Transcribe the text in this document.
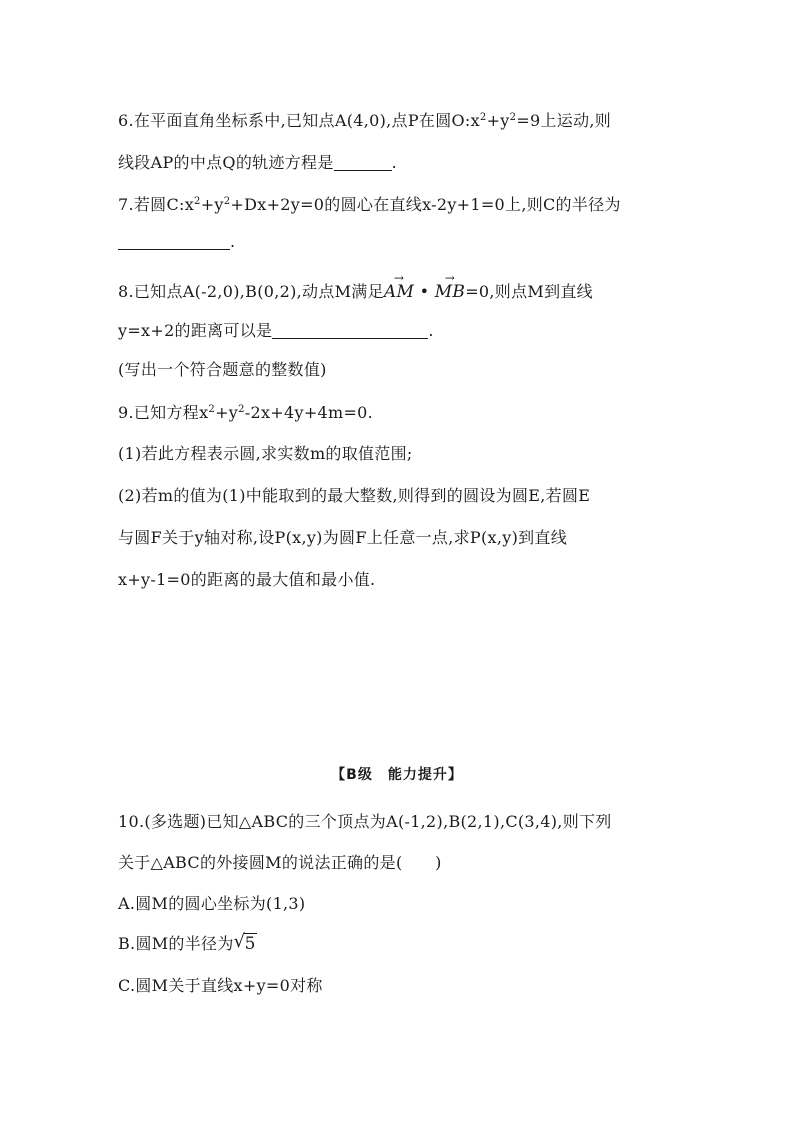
6.在平面直角坐标系中,已知点A(4,0),点P在圆$O:x^2+y^2=9$上运动,则
线段AP的中点Q的轨迹方程是	.
7.若圆$C:x^2+y^2+Dx+2y=0$的圆心在直线x-2y+1=0上,则C的半径为
.
8.已知点A(-2,0),B(0,2),动点M满足→ AM • → MB=0,则点M到直线
y=x+2的距离可以是	.
(写出一个符合题意的整数值)
9.已知方程$x^2+y^2-2x+4y+4m=0$.
(1)若此方程表示圆,求实数m的取值范围;
(2)若m的值为(1)中能取到的最大整数,则得到的圆设为圆E,若圆E
与圆F关于y轴对称,设P(x,y)为圆F上任意一点,求P(x,y)到直线
x+y-1=0的距离的最大值和最小值.
【B级　能力提升】
10.(多选题)已知△ABC的三个顶点为A(-1,2),B(2,1),C(3,4),则下列
关于△ABC的外接圆M的说法正确的是(　　)
A.圆M的圆心坐标为(1,3)
B.圆M的半径为 √ 5
C.圆M关于直线x+y=0对称
